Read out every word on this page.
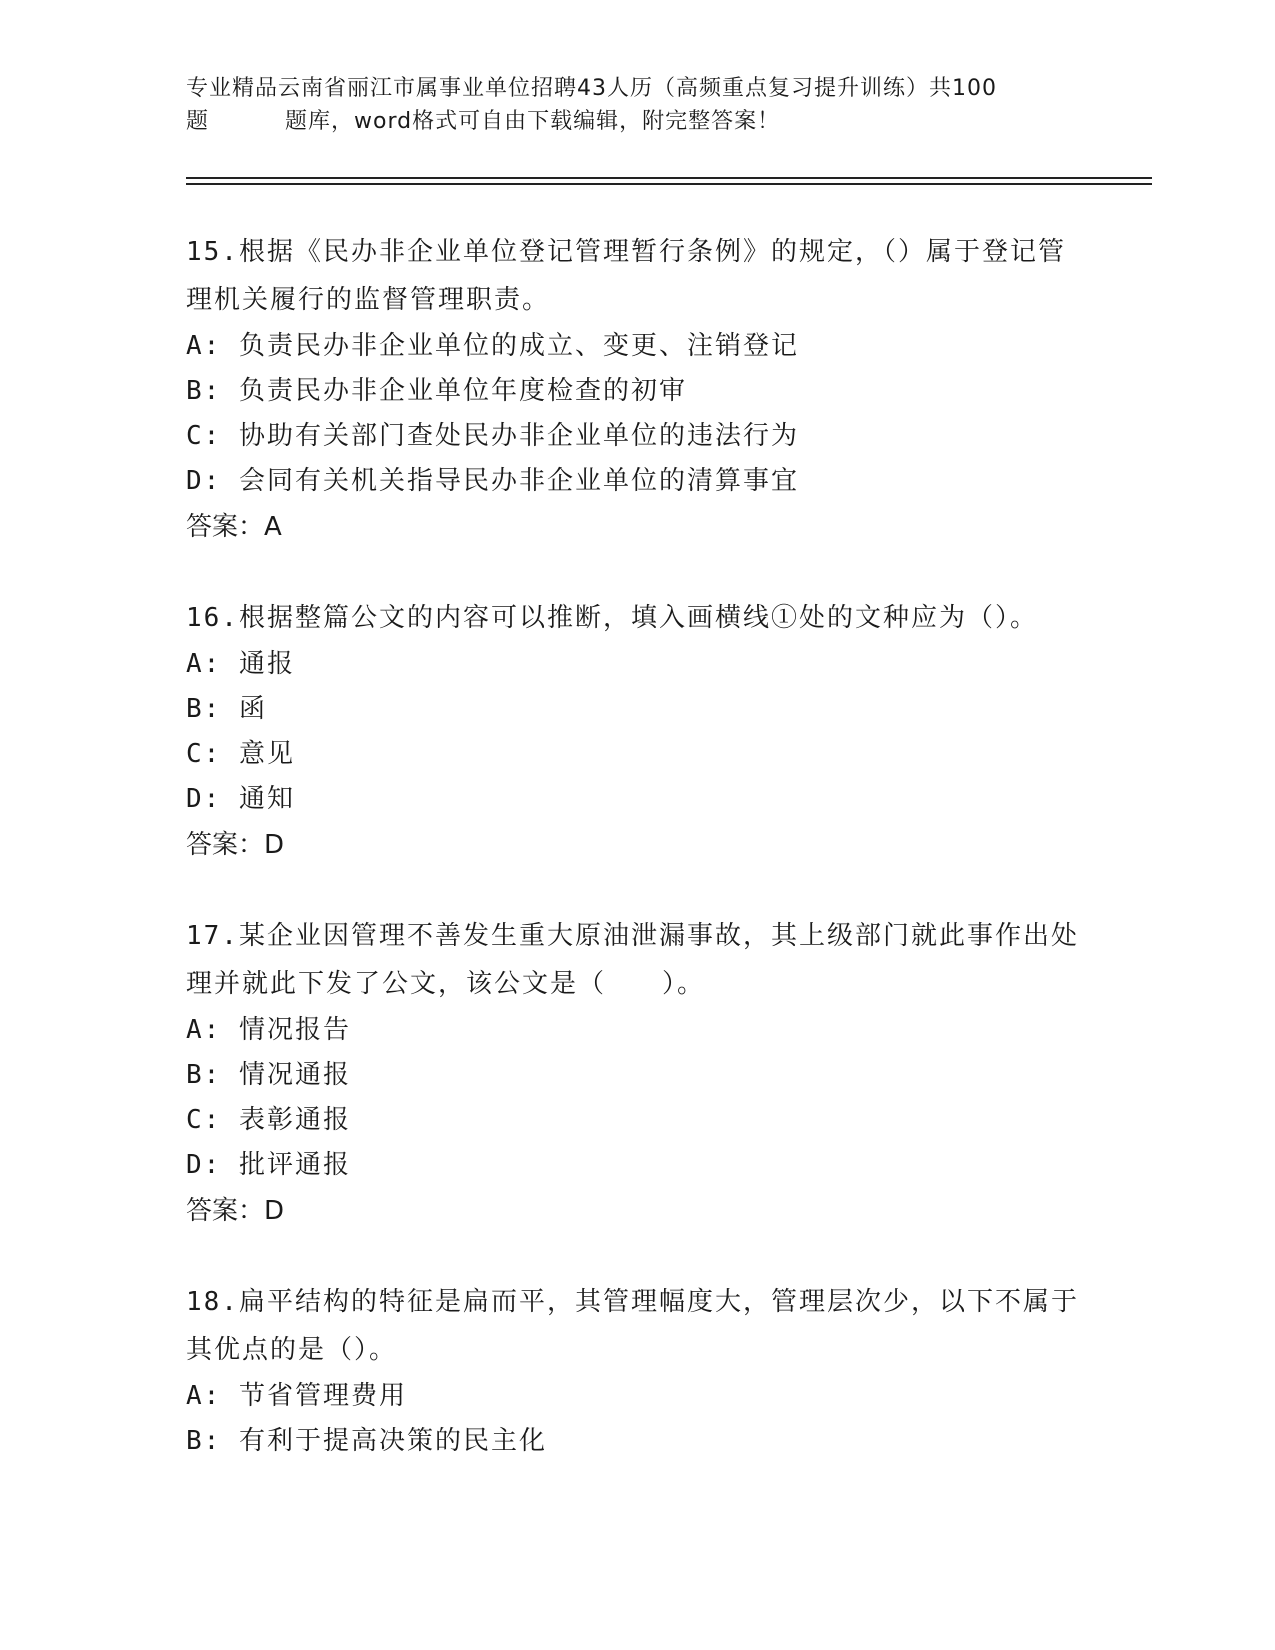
专业精品云南省丽江市属事业单位招聘43人历（高频重点复习提升训练）共100
题	题库，word格式可自由下载编辑，附完整答案！

15.根据《民办非企业单位登记管理暂行条例》的规定，（）属于登记管理机关履行的监督管理职责。

A: 负责民办非企业单位的成立、变更、注销登记

B: 负责民办非企业单位年度检查的初审

C: 协助有关部门查处民办非企业单位的违法行为

D: 会同有关机关指导民办非企业单位的清算事宜

答案：A

16.根据整篇公文的内容可以推断，填入画横线①处的文种应为（）。

A: 通报

B: 函

C: 意见

D: 通知

答案：D

17.某企业因管理不善发生重大原油泄漏事故，其上级部门就此事作出处理并就此下发了公文，该公文是（　　）。

A: 情况报告

B: 情况通报

C: 表彰通报

D: 批评通报

答案：D

18.扁平结构的特征是扁而平，其管理幅度大，管理层次少，以下不属于其优点的是（）。

A: 节省管理费用

B: 有利于提高决策的民主化
